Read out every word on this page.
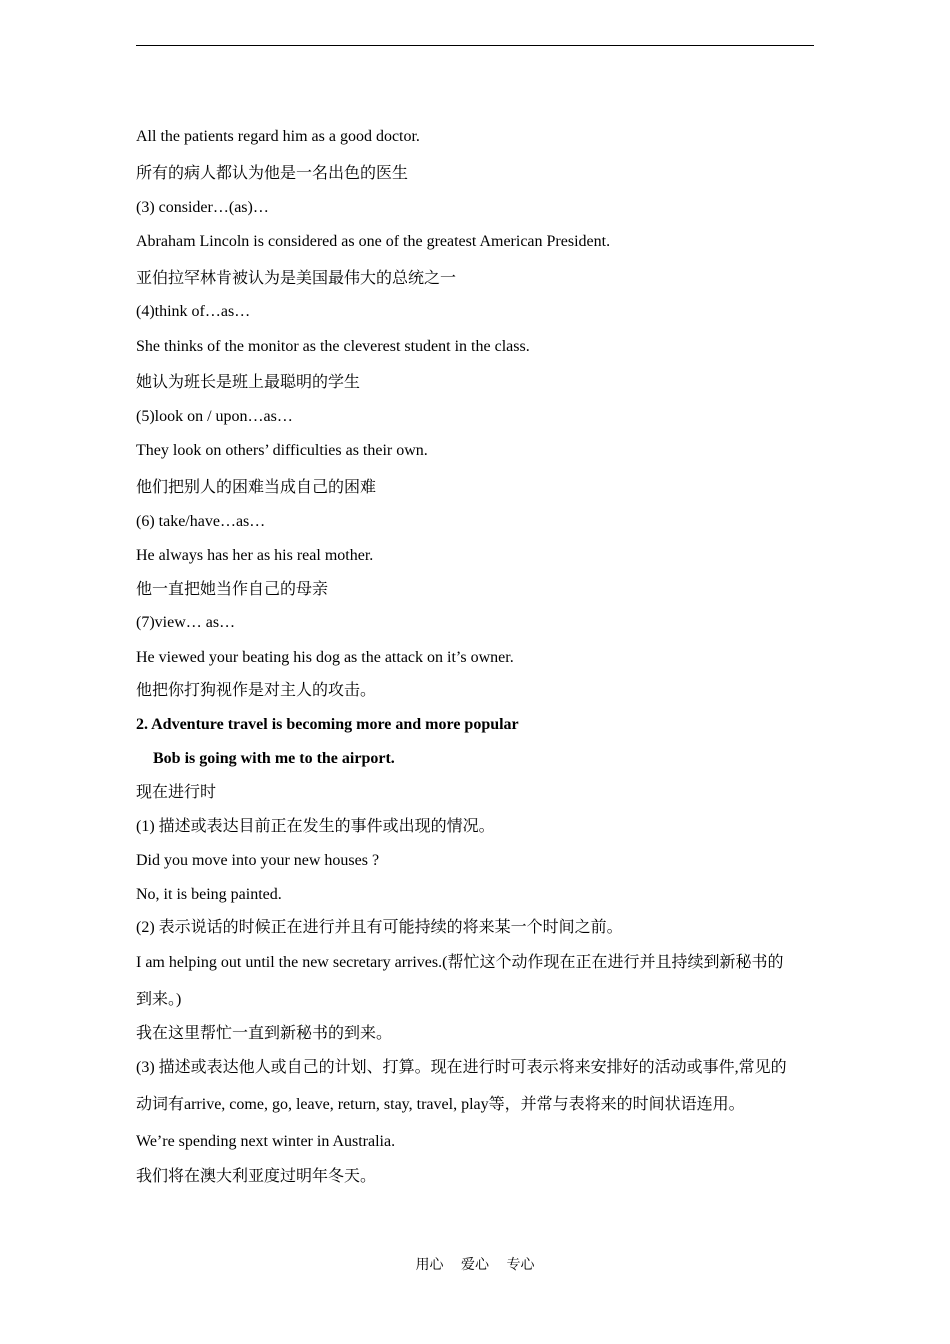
All the patients regard him as a good doctor.
所有的病人都认为他是一名出色的医生
(3) consider…(as)…
Abraham Lincoln is considered as one of the greatest American President.
亚伯拉罕林肯被认为是美国最伟大的总统之一
(4)think of…as…
She thinks of the monitor as the cleverest student in the class.
她认为班长是班上最聪明的学生
(5)look on / upon…as…
They look on others’ difficulties as their own.
他们把别人的困难当成自己的困难
(6) take/have…as…
He always has her as his real mother.
他一直把她当作自己的母亲
(7)view… as…
He viewed your beating his dog as the attack on it’s owner.
他把你打狗视作是对主人的攻击。
2. Adventure travel is becoming more and more popular
Bob is going with me to the airport.
现在进行时
(1) 描述或表达目前正在发生的事件或出现的情况。
Did you move into your new houses ?
No, it is being painted.
(2) 表示说话的时候正在进行并且有可能持续的将来某一个时间之前。
I am helping out until the new secretary arrives.(帮忙这个动作现在正在进行并且持续到新秘书的
到来。)
我在这里帮忙一直到新秘书的到来。
(3) 描述或表达他人或自己的计划、打算。现在进行时可表示将来安排好的活动或事件,常见的
动词有arrive, come, go, leave, return, stay, travel, play等，并常与表将来的时间状语连用。
We’re spending next winter in Australia.
我们将在澳大利亚度过明年冬天。
用心 爱心 专心
